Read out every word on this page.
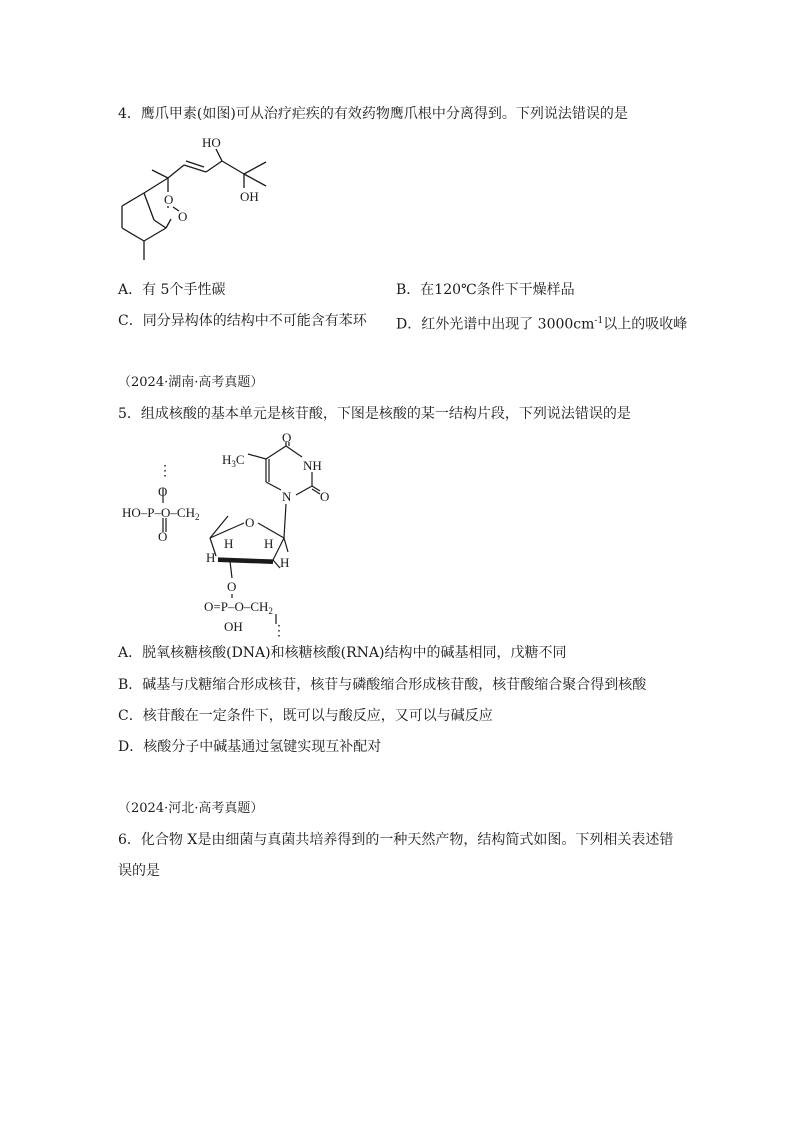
4．鹰爪甲素(如图)可从治疗疟疾的有效药物鹰爪根中分离得到。下列说法错误的是
HO
OH
O
O
A．有 5个手性碳	B．在120℃条件下干燥样品
C．同分异构体的结构中不可能含有苯环 D．红外光谱中出现了 $3000cm^{-1}$以上的吸收峰
（2024·湖南·高考真题）
5．组成核酸的基本单元是核苷酸，下图是核酸的某一结构片段，下列说法错误的是
⋮
O
$HO-P-O-CH_2$
O
$H_3C$
O
NH
N O
O
H
H
H
H
O
$O=P-O-CH_2$
OH ⋮
A．脱氧核糖核酸(DNA)和核糖核酸(RNA)结构中的碱基相同，戊糖不同
B．碱基与戊糖缩合形成核苷，核苷与磷酸缩合形成核苷酸，核苷酸缩合聚合得到核酸
C．核苷酸在一定条件下，既可以与酸反应，又可以与碱反应
D．核酸分子中碱基通过氢键实现互补配对
（2024·河北·高考真题）
6．化合物 X是由细菌与真菌共培养得到的一种天然产物，结构简式如图。下列相关表述错
误的是
